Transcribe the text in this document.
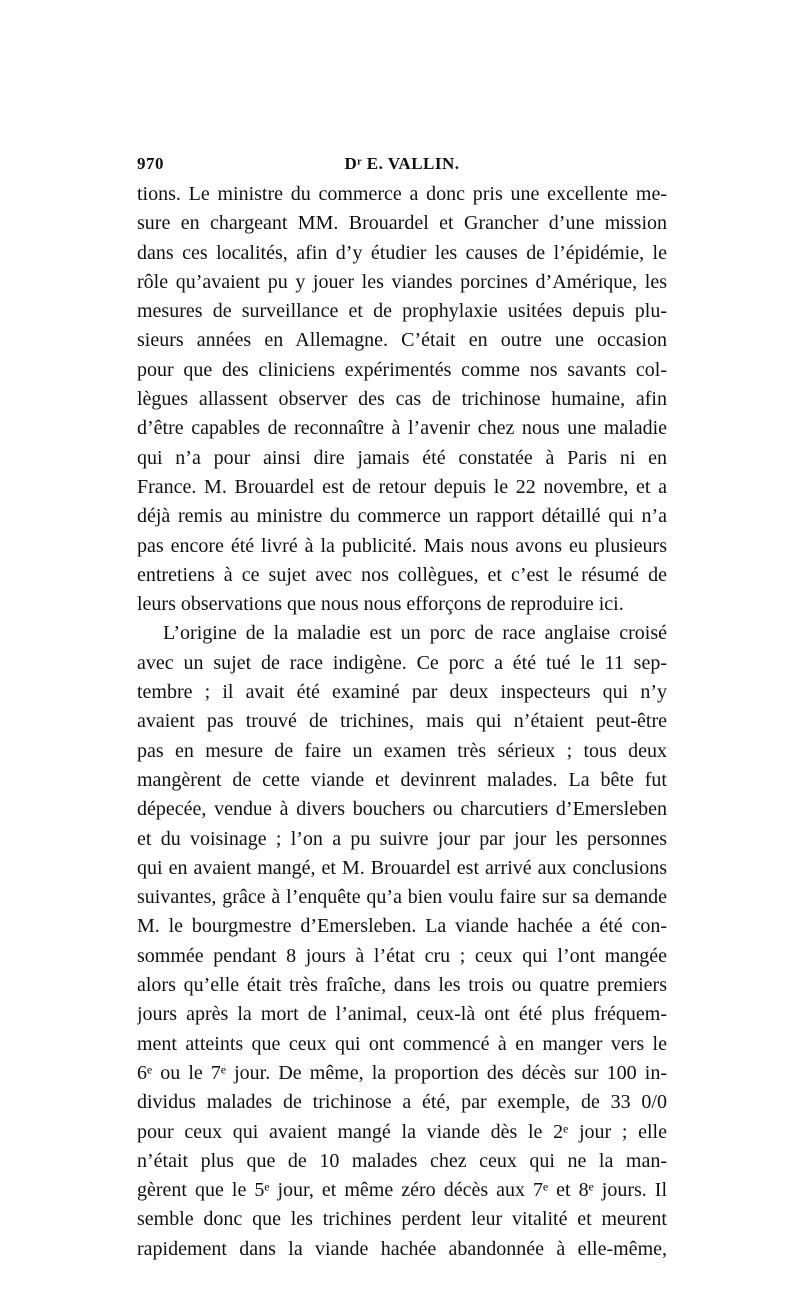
970	Dʳ E. VALLIN.
tions. Le ministre du commerce a donc pris une excellente me-
sure en chargeant MM. Brouardel et Grancher d’une mission
dans ces localités, afin d’y étudier les causes de l’épidémie, le
rôle qu’avaient pu y jouer les viandes porcines d’Amérique, les
mesures de surveillance et de prophylaxie usitées depuis plu-
sieurs années en Allemagne. C’était en outre une occasion
pour que des cliniciens expérimentés comme nos savants col-
lègues allassent observer des cas de trichinose humaine, afin
d’être capables de reconnaître à l’avenir chez nous une maladie
qui n’a pour ainsi dire jamais été constatée à Paris ni en
France. M. Brouardel est de retour depuis le 22 novembre, et a
déjà remis au ministre du commerce un rapport détaillé qui n’a
pas encore été livré à la publicité. Mais nous avons eu plusieurs
entretiens à ce sujet avec nos collègues, et c’est le résumé de
leurs observations que nous nous efforçons de reproduire ici.
L’origine de la maladie est un porc de race anglaise croisé
avec un sujet de race indigène. Ce porc a été tué le 11 sep-
tembre ; il avait été examiné par deux inspecteurs qui n’y
avaient pas trouvé de trichines, mais qui n’étaient peut-être
pas en mesure de faire un examen très sérieux ; tous deux
mangèrent de cette viande et devinrent malades. La bête fut
dépecée, vendue à divers bouchers ou charcutiers d’Emersleben
et du voisinage ; l’on a pu suivre jour par jour les personnes
qui en avaient mangé, et M. Brouardel est arrivé aux conclusions
suivantes, grâce à l’enquête qu’a bien voulu faire sur sa demande
M. le bourgmestre d’Emersleben. La viande hachée a été con-
sommée pendant 8 jours à l’état cru ; ceux qui l’ont mangée
alors qu’elle était très fraîche, dans les trois ou quatre premiers
jours après la mort de l’animal, ceux-là ont été plus fréquem-
ment atteints que ceux qui ont commencé à en manger vers le
6ᵉ ou le 7ᵉ jour. De même, la proportion des décès sur 100 in-
dividus malades de trichinose a été, par exemple, de 33 0/0
pour ceux qui avaient mangé la viande dès le 2ᵉ jour ; elle
n’était plus que de 10 malades chez ceux qui ne la man-
gèrent que le 5ᵉ jour, et même zéro décès aux 7ᵉ et 8ᵉ jours. Il
semble donc que les trichines perdent leur vitalité et meurent
rapidement dans la viande hachée abandonnée à elle-même,
